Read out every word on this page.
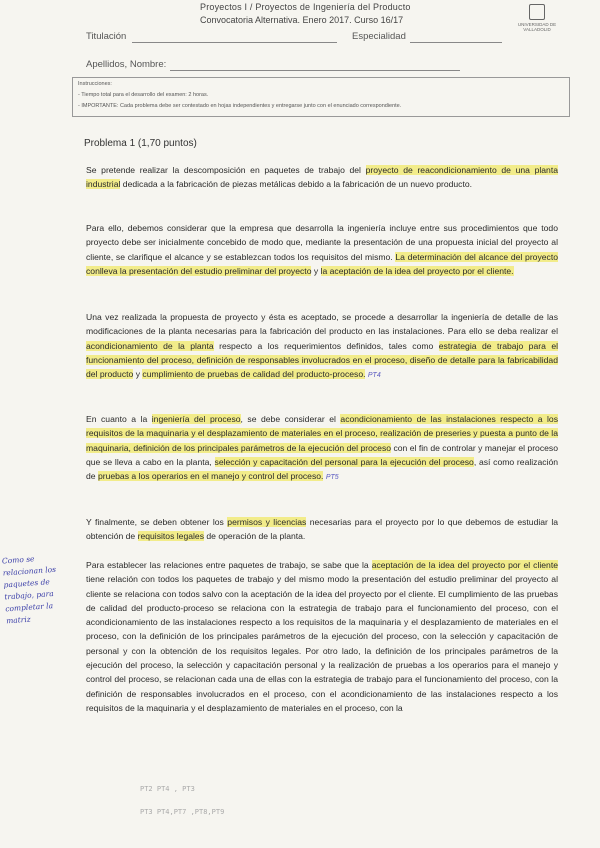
Proyectos I / Proyectos de Ingeniería del Producto
Convocatoria Alternativa. Enero 2017. Curso 16/17	UNIVERSIDAD DE VALLADOLID
Titulación	Especialidad
Apellidos, Nombre:
Instrucciones:
- Tiempo total para el desarrollo del examen: 2 horas.
- IMPORTANTE: Cada problema debe ser contestado en hojas independientes y entregarse junto con el enunciado correspondiente.
Problema 1 (1,70 puntos)
Se pretende realizar la descomposición en paquetes de trabajo del proyecto de reacondicionamiento de una planta industrial dedicada a la fabricación de piezas metálicas debido a la fabricación de un nuevo producto.
Para ello, debemos considerar que la empresa que desarrolla la ingeniería incluye entre sus procedimientos que todo proyecto debe ser inicialmente concebido de modo que, mediante la presentación de una propuesta inicial del proyecto al cliente, se clarifique el alcance y se establezcan todos los requisitos del mismo. La determinación del alcance del proyecto conlleva la presentación del estudio preliminar del proyecto y la aceptación de la idea del proyecto por el cliente.
Una vez realizada la propuesta de proyecto y ésta es aceptado, se procede a desarrollar la ingeniería de detalle de las modificaciones de la planta necesarias para la fabricación del producto en las instalaciones. Para ello se deba realizar el acondicionamiento de la planta respecto a los requerimientos definidos, tales como estrategia de trabajo para el funcionamiento del proceso, definición de responsables involucrados en el proceso, diseño de detalle para la fabricabilidad del producto y cumplimiento de pruebas de calidad del producto-proceso. PT4
En cuanto a la ingeniería del proceso, se debe considerar el acondicionamiento de las instalaciones respecto a los requisitos de la maquinaria y el desplazamiento de materiales en el proceso, realización de preseries y puesta a punto de la maquinaria, definición de los principales parámetros de la ejecución del proceso con el fin de controlar y manejar el proceso que se lleva a cabo en la planta, selección y capacitación del personal para la ejecución del proceso, así como realización de pruebas a los operarios en el manejo y control del proceso. PT5
Y finalmente, se deben obtener los permisos y licencias necesarias para el proyecto por lo que debemos de estudiar la obtención de requisitos legales de operación de la planta.
Para establecer las relaciones entre paquetes de trabajo, se sabe que la aceptación de la idea del proyecto por el cliente tiene relación con todos los paquetes de trabajo y del mismo modo la presentación del estudio preliminar del proyecto al cliente se relaciona con todos salvo con la aceptación de la idea del proyecto por el cliente. El cumplimiento de las pruebas de calidad del producto-proceso se relaciona con la estrategia de trabajo para el funcionamiento del proceso, con el acondicionamiento de las instalaciones respecto a los requisitos de la maquinaria y el desplazamiento de materiales en el proceso, con la definición de los principales parámetros de la ejecución del proceso, con la selección y capacitación de personal y con la obtención de los requisitos legales. Por otro lado, la definición de los principales parámetros de la ejecución del proceso, la selección y capacitación personal y la realización de pruebas a los operarios para el manejo y control del proceso, se relacionan cada una de ellas con la estrategia de trabajo para el funcionamiento del proceso, con la definición de responsables involucrados en el proceso, con el acondicionamiento de las instalaciones respecto a los requisitos de la maquinaria y el desplazamiento de materiales en el proceso, con la
Como se relacionan los paquetes de trabajo, para completar la matriz
PT2 PT4 , PT3
PT3 PT4,PT7 ,PT8,PT9
